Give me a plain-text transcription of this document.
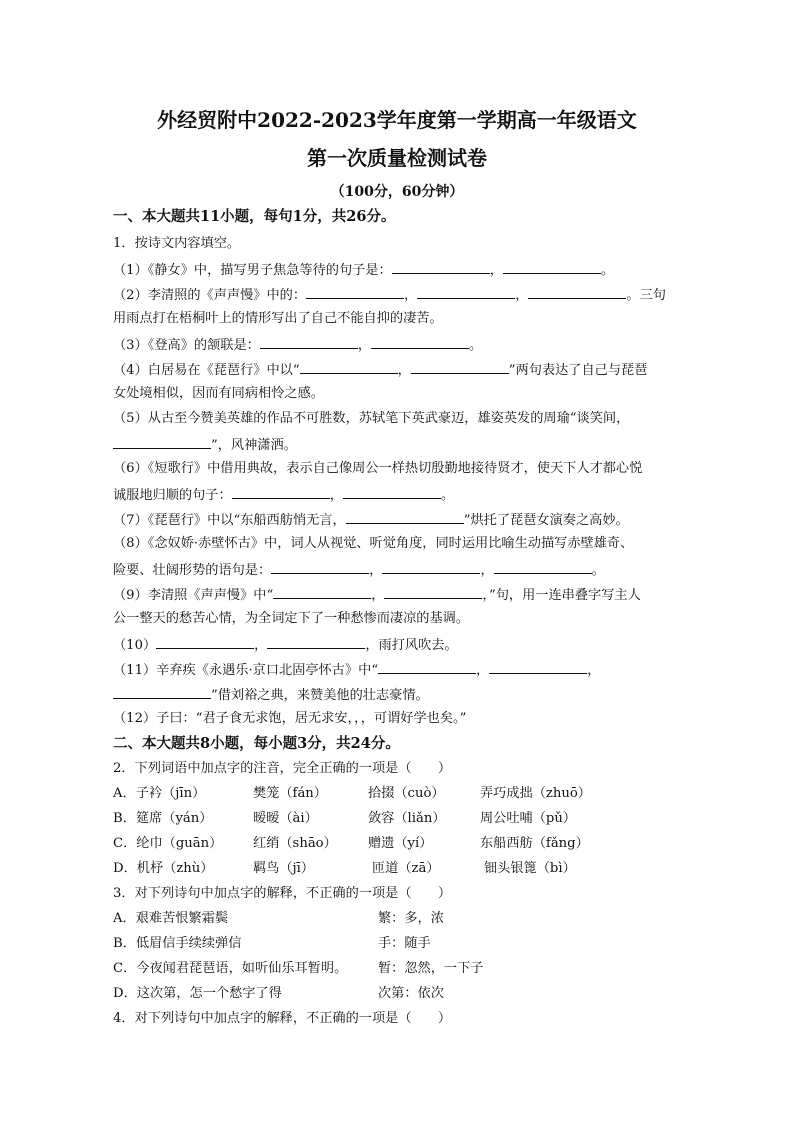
外经贸附中2022-2023学年度第一学期高一年级语文
第一次质量检测试卷
（100分，60分钟）
一、本大题共11小题，每句1分，共26分。
1．按诗文内容填空。
（1）《静女》中，描写男子焦急等待的句子是：	，	。
（2）李清照的《声声慢》中的：	，	，	。三句
用雨点打在梧桐叶上的情形写出了自己不能自抑的凄苦。
（3）《登高》的颔联是：	，	。
（4）白居易在《琵琶行》中以“	，	”两句表达了自己与琵琶
女处境相似，因而有同病相怜之感。
（5）从古至今赞美英雄的作品不可胜数，苏轼笔下英武豪迈，雄姿英发的周瑜“谈笑间，
”，风神潇洒。
（6）《短歌行》中借用典故，表示自己像周公一样热切殷勤地接待贤才，使天下人才都心悦
诚服地归顺的句子：	，	。
（7）《琵琶行》中以“东船西舫悄无言，	”烘托了琵琶女演奏之高妙。
（8）《念奴娇·赤壁怀古》中，词人从视觉、听觉角度，同时运用比喻生动描写赤壁雄奇、
险要、壮阔形势的语句是：	，	，	。
（9）李清照《声声慢》中“	，	，”句，用一连串叠字写主人
公一整天的愁苦心情，为全词定下了一种愁惨而凄凉的基调。
（10）	，	，雨打风吹去。
（11）辛弃疾《永遇乐·京口北固亭怀古》中“	，	，
”借刘裕之典，来赞美他的壮志豪情。
（12）子曰：“君子食无求饱，居无求安，，，可谓好学也矣。”
二、本大题共8小题，每小题3分，共24分。
2．下列词语中加点字的注音，完全正确的一项是（　　）
A．子衿（jīn）	樊笼（fán）	拾掇（cuò）	弄巧成拙（zhuō）
B．筵席（yán）	暧暧（ài）	敛容（liǎn）	周公吐哺（pǔ）
C．纶巾（guān） 红绡（shāo） 赠遗（yí）	东船西舫（fǎng）
D．机杼（zhù）	羁鸟（jī）	匝道（zā）	钿头银篦（bì）
3．对下列诗句中加点字的解释，不正确的一项是（　　）
A．艰难苦恨繁霜鬓	繁：多，浓
B．低眉信手续续弹信	手：随手
C．今夜闻君琵琶语，如听仙乐耳暂明。 暂：忽然，一下子
D．这次第，怎一个愁字了得	次第：依次
4．对下列诗句中加点字的解释，不正确的一项是（　　）
